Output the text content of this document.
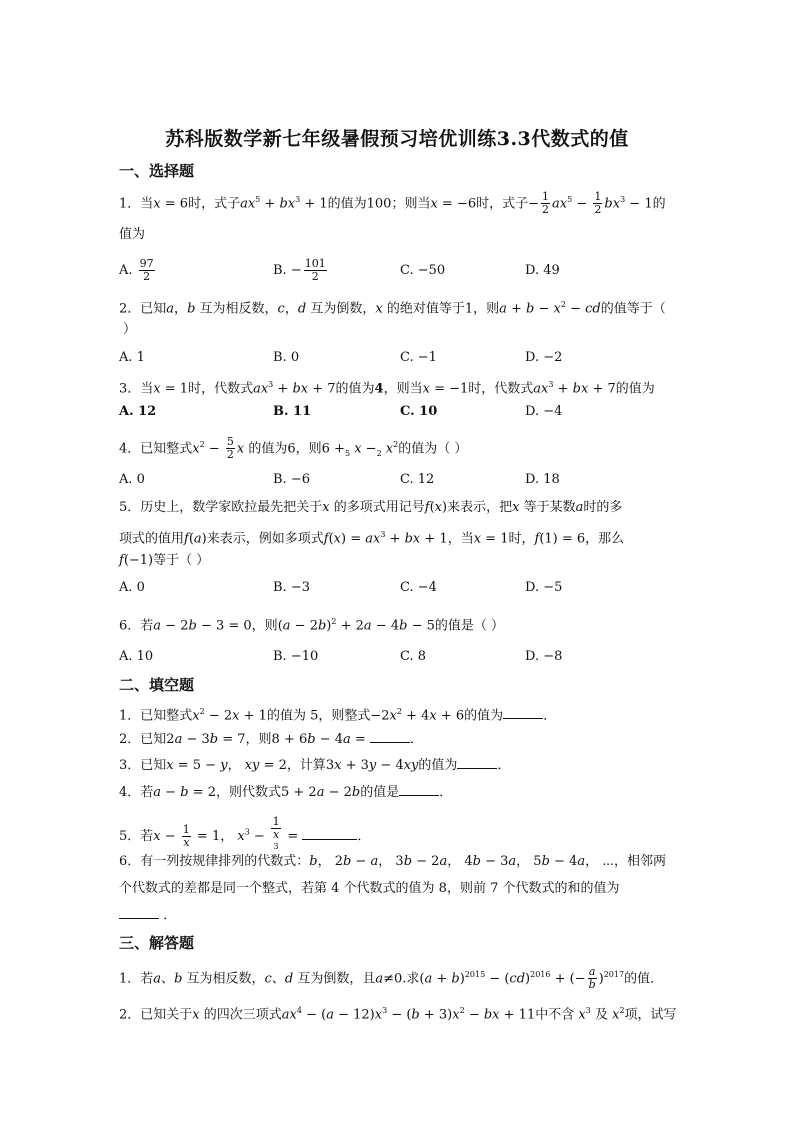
苏科版数学新七年级暑假预习培优训练3.3代数式的值
一、选择题
1．当x = 6时，式子$ax^5 + bx^3 + 1$的值为100；则当x = −6时，式子− $\frac{1}{2} ax^5 - \frac{1}{2} bx^3 - 1$的
值为
A. $\frac{97}{2}$	B. − $\frac{101}{2}$	C. −50	D. 49
2．已知a，b 互为相反数，c，d 互为倒数，x 的绝对值等于1，则$a + b - x^2$ − cd的值等于（
）
A. 1	B. 0	C. −1	D. −2
3．当x = 1时，代数式$ax^3$ + bx + 7的值为4，则当x = −1时，代数式$ax^3$ + bx + 7的值为
A. 12	B. 11	C. 10	D. −4
4．已知整式$x^2 - \frac{5}{2}$ x 的值为6，则$6 +_5$ $x -_2$ $x^2$的值为（ ）
A. 0	B. −6	C. 12	D. 18
5．历史上，数学家欧拉最先把关于x 的多项式用记号f(x)来表示，把x 等于某数a时的多
项式的值用f(a)来表示，例如多项式$f(x) = ax^3$ + bx + 1，当x = 1时，f(1) = 6，那么
f(−1)等于（ ）
A. 0	B. −3	C. −4	D. −5
6．若a − 2b − 3 = 0，则$(a - 2b)^2 + 2a - 4b - 5$的值是（ ）
A. 10	B. −10	C. 8	D. −8
二、填空题
1．已知整式$x^2 - 2x + 1$的值为 5，则整式$-2x^2 + 4x + 6$的值为	．
2．已知2a − 3b = 7，则8 + 6b − 4a =	．
3．已知x = 5 − y， xy = 2，计算3x + 3y − 4xy的值为	．
4．若a − b = 2，则代数式5 + 2a − 2b的值是	．
5．若$x - \frac{1}{x} = 1$， $x^3 - 1$
x
$^3$ =	．
6．有一列按规律排列的代数式：b， 2b − a， 3b − 2a， 4b − 3a， 5b − 4a， ⋯，相邻两
个代数式的差都是同一个整式，若第 4 个代数式的值为 8，则前 7 个代数式的和的值为
．
三、解答题
1．若a、b 互为相反数，c、d 互为倒数，且a≠0.求$(a + b)^{2015} - (cd)^{2016}$ + (− $\frac{a}{b} )^{2017}$的值．
2．已知关于x 的四次三项式$ax^4 - (a - 12)x^3 - (b + 3)x^2$ − bx + 11中不含 $x^3$ 及 $x^2$项，试写
